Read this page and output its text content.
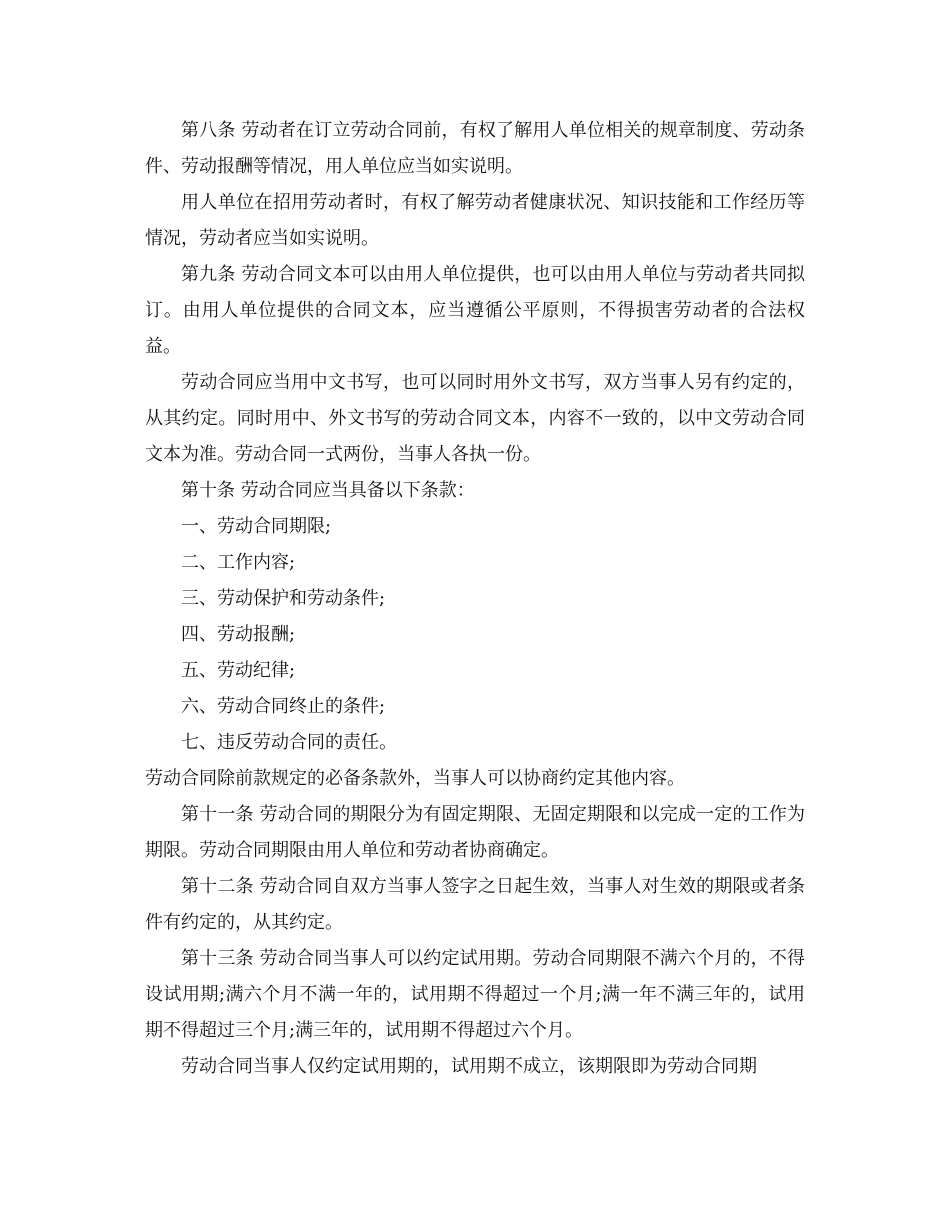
第八条 劳动者在订立劳动合同前，有权了解用人单位相关的规章制度、劳动条件、劳动报酬等情况，用人单位应当如实说明。

用人单位在招用劳动者时，有权了解劳动者健康状况、知识技能和工作经历等情况，劳动者应当如实说明。

第九条 劳动合同文本可以由用人单位提供，也可以由用人单位与劳动者共同拟订。由用人单位提供的合同文本，应当遵循公平原则，不得损害劳动者的合法权益。

劳动合同应当用中文书写，也可以同时用外文书写，双方当事人另有约定的，从其约定。同时用中、外文书写的劳动合同文本，内容不一致的，以中文劳动合同文本为准。劳动合同一式两份，当事人各执一份。

第十条 劳动合同应当具备以下条款：

一、劳动合同期限;

二、工作内容;

三、劳动保护和劳动条件;

四、劳动报酬;

五、劳动纪律;

六、劳动合同终止的条件;

七、违反劳动合同的责任。

劳动合同除前款规定的必备条款外，当事人可以协商约定其他内容。

第十一条 劳动合同的期限分为有固定期限、无固定期限和以完成一定的工作为期限。劳动合同期限由用人单位和劳动者协商确定。

第十二条 劳动合同自双方当事人签字之日起生效，当事人对生效的期限或者条件有约定的，从其约定。

第十三条 劳动合同当事人可以约定试用期。劳动合同期限不满六个月的，不得设试用期;满六个月不满一年的，试用期不得超过一个月;满一年不满三年的，试用期不得超过三个月;满三年的，试用期不得超过六个月。

劳动合同当事人仅约定试用期的，试用期不成立，该期限即为劳动合同期
